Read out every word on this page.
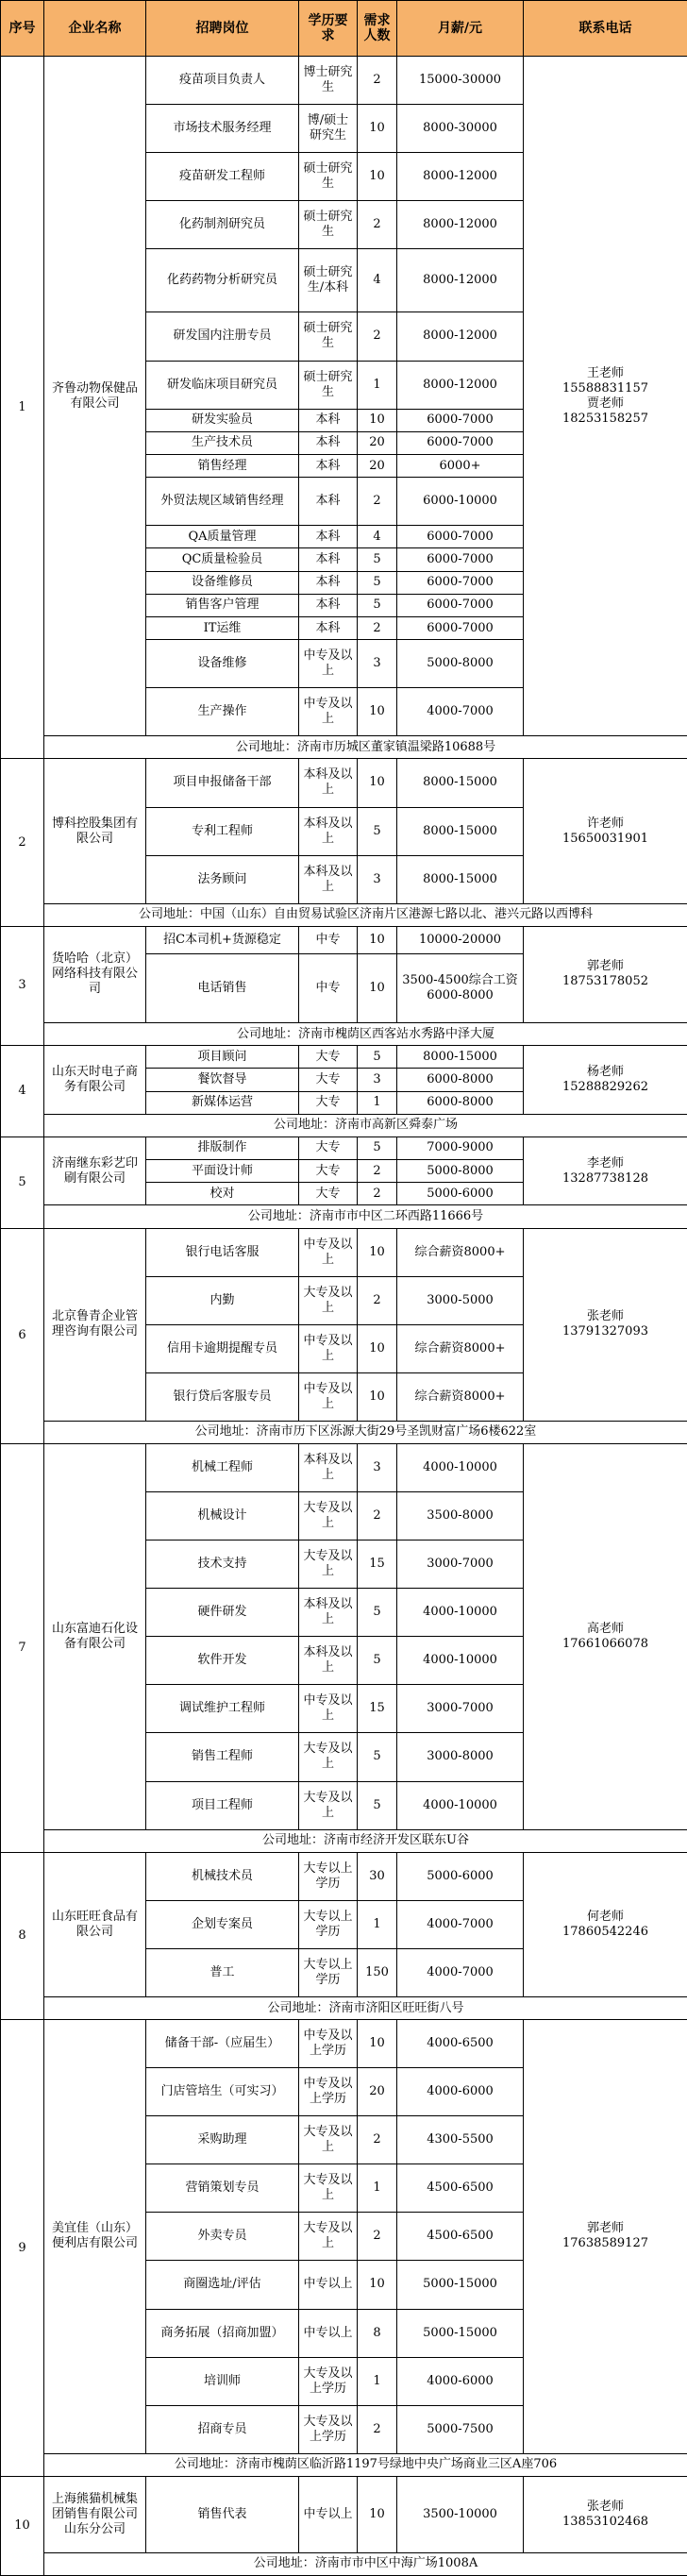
序号	企业名称	招聘岗位	学历要求	需求人数	月薪/元	联系电话
1	齐鲁动物保健品有限公司	疫苗项目负责人	博士研究生	2	15000-30000	王老师
15588831157
贾老师
18253158257

		市场技术服务经理	博/硕士研究生	10	8000-30000	
		疫苗研发工程师	硕士研究生	10	8000-12000	
		化药制剂研究员	硕士研究生	2	8000-12000	
		化药药物分析研究员	硕士研究生/本科	4	8000-12000	
		研发国内注册专员	硕士研究生	2	8000-12000	
		研发临床项目研究员	硕士研究生	1	8000-12000	
		研发实验员	本科	10	6000-7000	
		生产技术员	本科	20	6000-7000	
		销售经理	本科	20	6000+	
		外贸法规区域销售经理	本科	2	6000-10000	
		QA质量管理	本科	4	6000-7000	
		QC质量检验员	本科	5	6000-7000	
		设备维修员	本科	5	6000-7000	
		销售客户管理	本科	5	6000-7000	
		IT运维	本科	2	6000-7000	
		设备维修	中专及以上	3	5000-8000	
		生产操作	中专及以上	10	4000-7000	
	公司地址：济南市历城区董家镇温梁路10688号					
2	博科控股集团有限公司	项目申报储备干部	本科及以上	10	8000-15000	许老师
15650031901

		专利工程师	本科及以上	5	8000-15000	
		法务顾问	本科及以上	3	8000-15000	
	公司地址：中国（山东）自由贸易试验区济南片区港源七路以北、港兴元路以西博科					
3	货哈哈（北京）网络科技有限公司	招C本司机+货源稳定	中专	10	10000-20000	郭老师
18753178052

		电话销售	中专	10	3500-4500综合工资6000-8000	
	公司地址：济南市槐荫区西客站水秀路中泽大厦					
4	山东天时电子商务有限公司	项目顾问	大专	5	8000-15000	杨老师
15288829262

		餐饮督导	大专	3	6000-8000	
		新媒体运营	大专	1	6000-8000	
	公司地址：济南市高新区舜泰广场					
5	济南继东彩艺印刷有限公司	排版制作	大专	5	7000-9000	李老师
13287738128

		平面设计师	大专	2	5000-8000	
		校对	大专	2	5000-6000	
	公司地址：济南市市中区二环西路11666号					
6	北京鲁青企业管理咨询有限公司	银行电话客服	中专及以上	10	综合薪资8000+	张老师
13791327093

		内勤	大专及以上	2	3000-5000	
		信用卡逾期提醒专员	中专及以上	10	综合薪资8000+	
		银行贷后客服专员	中专及以上	10	综合薪资8000+	
	公司地址：济南市历下区泺源大街29号圣凯财富广场6楼622室					
7	山东富迪石化设备有限公司	机械工程师	本科及以上	3	4000-10000	高老师
17661066078

		机械设计	大专及以上	2	3500-8000	
		技术支持	大专及以上	15	3000-7000	
		硬件研发	本科及以上	5	4000-10000	
		软件开发	本科及以上	5	4000-10000	
		调试维护工程师	中专及以上	15	3000-7000	
		销售工程师	大专及以上	5	3000-8000	
		项目工程师	大专及以上	5	4000-10000	
	公司地址：济南市经济开发区联东U谷					
8	山东旺旺食品有限公司	机械技术员	大专以上学历	30	5000-6000	何老师
17860542246

		企划专案员	大专以上学历	1	4000-7000	
		普工	大专以上学历	150	4000-7000	
	公司地址：济南市济阳区旺旺街八号					
9	美宜佳（山东）便利店有限公司	储备干部-（应届生）	中专及以上学历	10	4000-6500	郭老师
17638589127

		门店管培生（可实习）	中专及以上学历	20	4000-6000	
		采购助理	大专及以上	2	4300-5500	
		营销策划专员	大专及以上	1	4500-6500	
		外卖专员	大专及以上	2	4500-6500	
		商圈选址/评估	中专以上	10	5000-15000	
		商务拓展（招商加盟）	中专以上	8	5000-15000	
		培训师	大专及以上学历	1	4000-6000	
		招商专员	大专及以上学历	2	5000-7500	
	公司地址：济南市槐荫区临沂路1197号绿地中央广场商业三区A座706					
10	上海熊猫机械集团销售有限公司山东分公司	销售代表	中专以上	10	3500-10000	张老师
13853102468

	公司地址：济南市市中区中海广场1008A					
